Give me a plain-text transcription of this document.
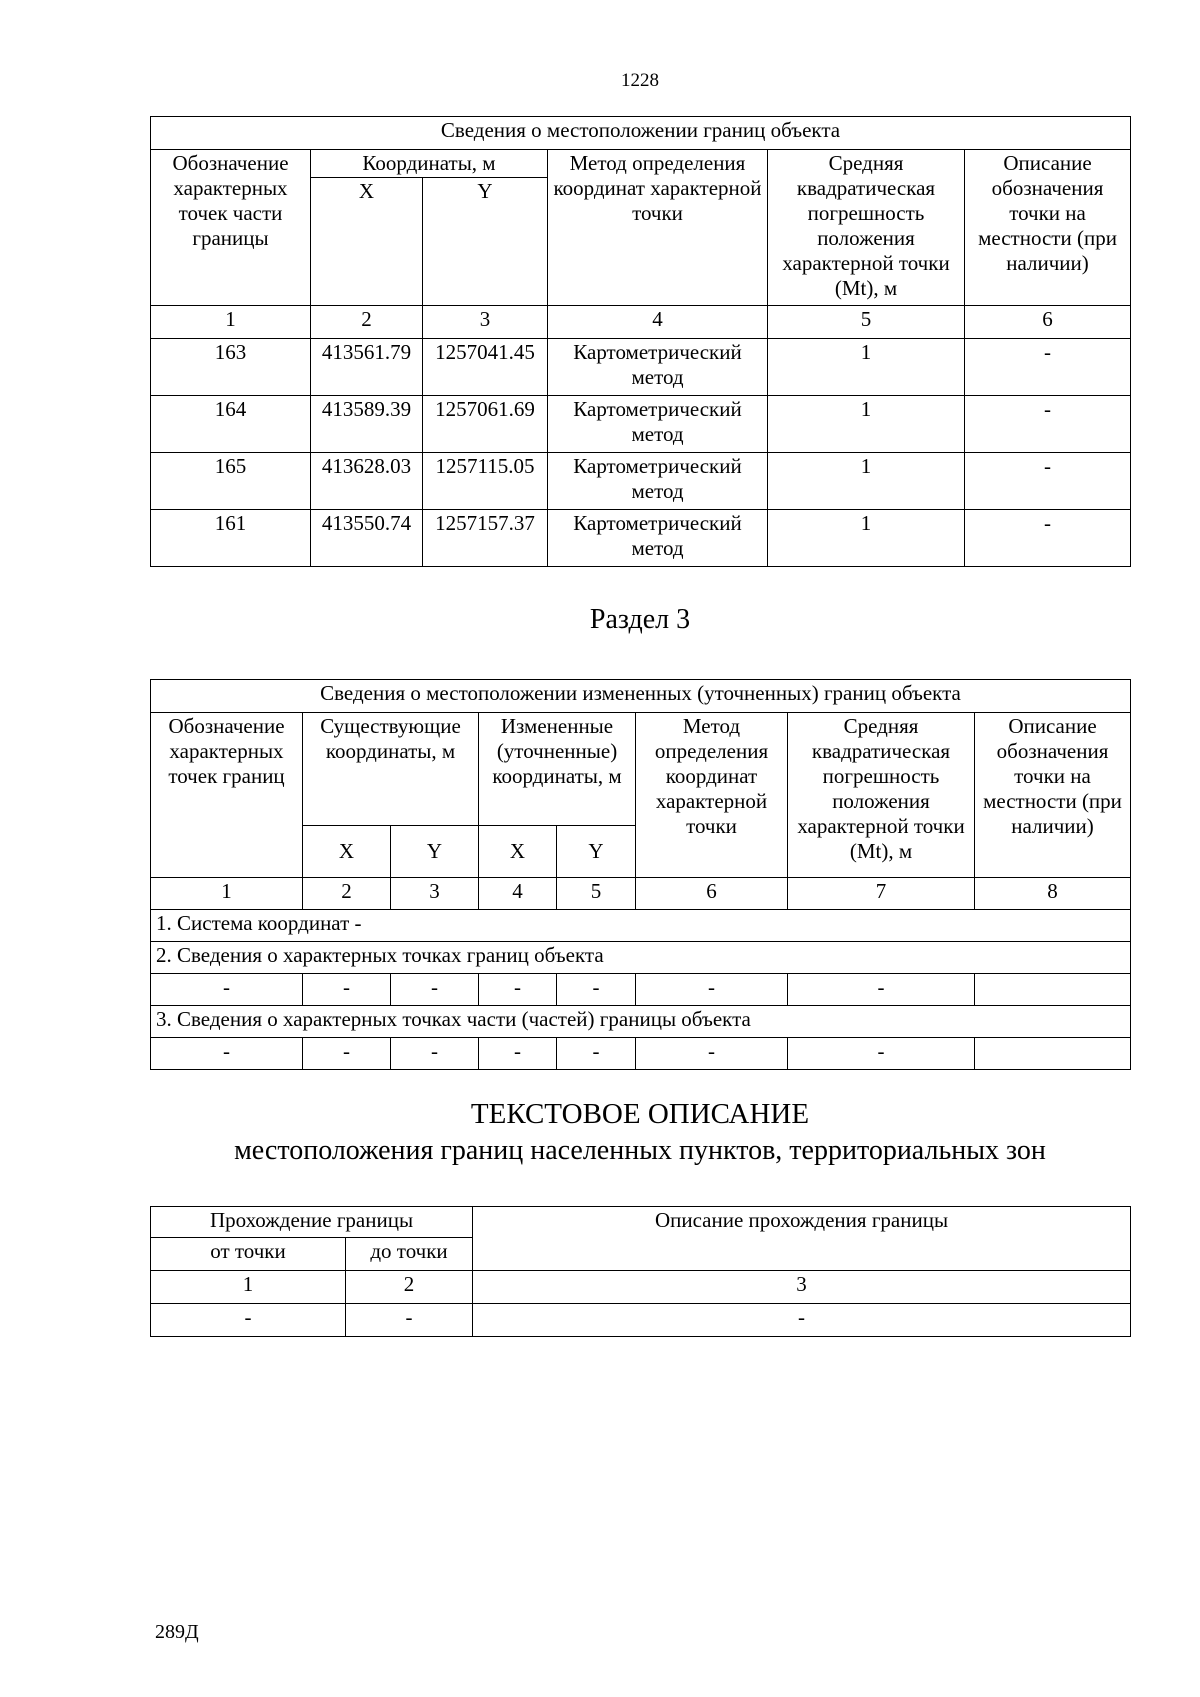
1228
Сведения о местоположении границ объекта					
Обозначение характерных точек части границы	Координаты, м		Метод определения координат характерной точки	Средняя квадратическая погрешность положения характерной точки (Mt), м	Описание обозначения точки на местности (при наличии)
	X	Y			
1	2	3	4	5	6
163	413561.79	1257041.45	Картометрический метод	1	-
164	413589.39	1257061.69	Картометрический метод	1	-
165	413628.03	1257115.05	Картометрический метод	1	-
161	413550.74	1257157.37	Картометрический метод	1	-
Раздел 3
Сведения о местоположении измененных (уточненных) границ объекта							
Обозначение характерных точек границ	Существующие координаты, м		Измененные (уточненные) координаты, м		Метод определения координат характерной точки	Средняя квадратическая погрешность положения характерной точки (Mt), м	Описание обозначения точки на местности (при наличии)
	X	Y	X	Y			
1	2	3	4	5	6	7	8
1. Система координат -							
2. Сведения о характерных точках границ объекта							
-	-	-	-	-	-	-	
3. Сведения о характерных точках части (частей) границы объекта							
-	-	-	-	-	-	-	
ТЕКСТОВОЕ ОПИСАНИЕ
местоположения границ населенных пунктов, территориальных зон
Прохождение границы		Описание прохождения границы
от точки	до точки	
1	2	3
-	-	-
289Д
